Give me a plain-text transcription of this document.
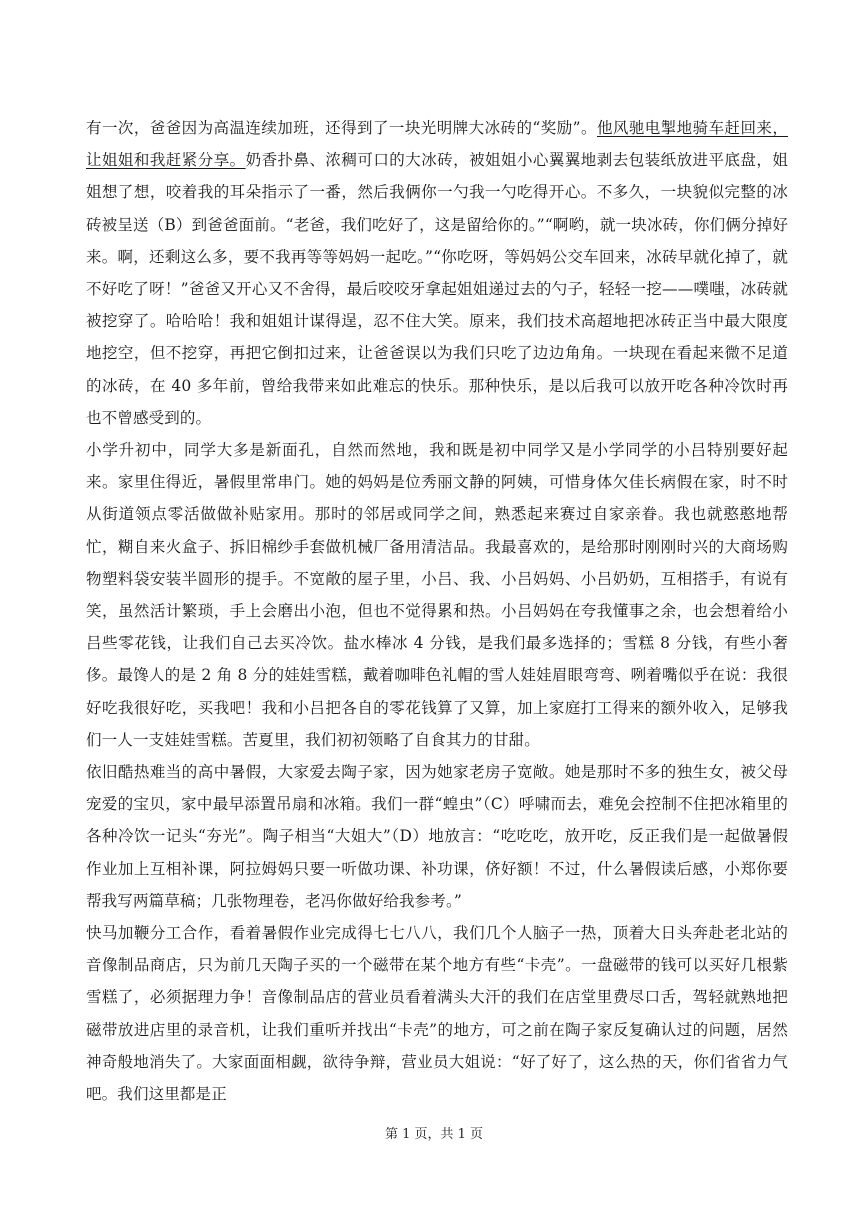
有一次，爸爸因为高温连续加班，还得到了一块光明牌大冰砖的“奖励”。他风驰电掣地骑车赶回来，让姐姐和我赶紧分享。奶香扑鼻、浓稠可口的大冰砖，被姐姐小心翼翼地剥去包装纸放进平底盘，姐姐想了想，咬着我的耳朵指示了一番，然后我俩你一勺我一勺吃得开心。不多久，一块貌似完整的冰砖被呈送（B）到爸爸面前。“老爸，我们吃好了，这是留给你的。”“啊哟，就一块冰砖，你们俩分掉好来。啊，还剩这么多，要不我再等等妈妈一起吃。”“你吃呀，等妈妈公交车回来，冰砖早就化掉了，就不好吃了呀！”爸爸又开心又不舍得，最后咬咬牙拿起姐姐递过去的勺子，轻轻一挖——噗嗤，冰砖就被挖穿了。哈哈哈！我和姐姐计谋得逞，忍不住大笑。原来，我们技术高超地把冰砖正当中最大限度地挖空，但不挖穿，再把它倒扣过来，让爸爸误以为我们只吃了边边角角。一块现在看起来微不足道的冰砖，在 40 多年前，曾给我带来如此难忘的快乐。那种快乐，是以后我可以放开吃各种冷饮时再也不曾感受到的。

小学升初中，同学大多是新面孔，自然而然地，我和既是初中同学又是小学同学的小吕特别要好起来。家里住得近，暑假里常串门。她的妈妈是位秀丽文静的阿姨，可惜身体欠佳长病假在家，时不时从街道领点零活做做补贴家用。那时的邻居或同学之间，熟悉起来赛过自家亲眷。我也就憨憨地帮忙，糊自来火盒子、拆旧棉纱手套做机械厂备用清洁品。我最喜欢的，是给那时刚刚时兴的大商场购物塑料袋安装半圆形的提手。不宽敞的屋子里，小吕、我、小吕妈妈、小吕奶奶，互相搭手，有说有笑，虽然活计繁琐，手上会磨出小泡，但也不觉得累和热。小吕妈妈在夸我懂事之余，也会想着给小吕些零花钱，让我们自己去买冷饮。盐水棒冰 4 分钱，是我们最多选择的；雪糕 8 分钱，有些小奢侈。最馋人的是 2 角 8 分的娃娃雪糕，戴着咖啡色礼帽的雪人娃娃眉眼弯弯、咧着嘴似乎在说：我很好吃我很好吃，买我吧！我和小吕把各自的零花钱算了又算，加上家庭打工得来的额外收入，足够我们一人一支娃娃雪糕。苦夏里，我们初初领略了自食其力的甘甜。

依旧酷热难当的高中暑假，大家爱去陶子家，因为她家老房子宽敞。她是那时不多的独生女，被父母宠爱的宝贝，家中最早添置吊扇和冰箱。我们一群“蝗虫”（C）呼啸而去，难免会控制不住把冰箱里的各种冷饮一记头“夯光”。陶子相当“大姐大”（D）地放言：“吃吃吃，放开吃，反正我们是一起做暑假作业加上互相补课，阿拉姆妈只要一听做功课、补功课，侪好额！不过，什么暑假读后感，小郑你要帮我写两篇草稿；几张物理卷，老冯你做好给我参考。”

快马加鞭分工合作，看着暑假作业完成得七七八八，我们几个人脑子一热，顶着大日头奔赴老北站的音像制品商店，只为前几天陶子买的一个磁带在某个地方有些“卡壳”。一盘磁带的钱可以买好几根紫雪糕了，必须据理力争！音像制品店的营业员看着满头大汗的我们在店堂里费尽口舌，驾轻就熟地把磁带放进店里的录音机，让我们重听并找出“卡壳”的地方，可之前在陶子家反复确认过的问题，居然神奇般地消失了。大家面面相觑，欲待争辩，营业员大姐说：“好了好了，这么热的天，你们省省力气吧。我们这里都是正

第 1 页，共 1 页
